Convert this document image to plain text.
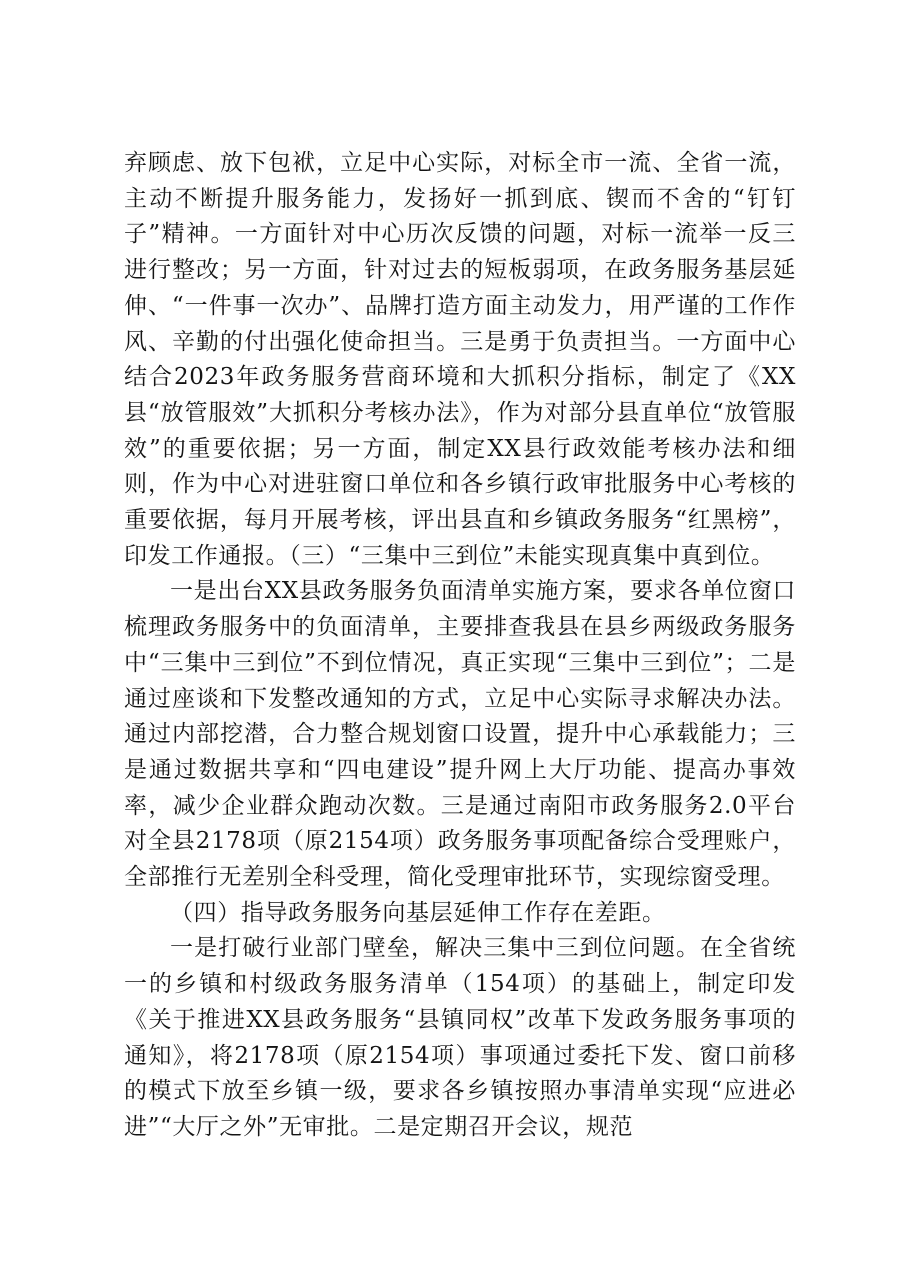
弃顾虑、放下包袱，立足中心实际，对标全市一流、全省一流，主动不断提升服务能力，发扬好一抓到底、锲而不舍的“钉钉子”精神。一方面针对中心历次反馈的问题，对标一流举一反三进行整改；另一方面，针对过去的短板弱项，在政务服务基层延伸、“一件事一次办”、品牌打造方面主动发力，用严谨的工作作风、辛勤的付出强化使命担当。三是勇于负责担当。一方面中心结合2023年政务服务营商环境和大抓积分指标，制定了《XX县“放管服效”大抓积分考核办法》，作为对部分县直单位“放管服效”的重要依据；另一方面，制定XX县行政效能考核办法和细则，作为中心对进驻窗口单位和各乡镇行政审批服务中心考核的重要依据，每月开展考核，评出县直和乡镇政务服务“红黑榜”，印发工作通报。（三）“三集中三到位”未能实现真集中真到位。

一是出台XX县政务服务负面清单实施方案，要求各单位窗口梳理政务服务中的负面清单，主要排查我县在县乡两级政务服务中“三集中三到位”不到位情况，真正实现“三集中三到位”；二是通过座谈和下发整改通知的方式，立足中心实际寻求解决办法。通过内部挖潜，合力整合规划窗口设置，提升中心承载能力；三是通过数据共享和“四电建设”提升网上大厅功能、提高办事效率，减少企业群众跑动次数。三是通过南阳市政务服务2.0平台对全县2178项（原2154项）政务服务事项配备综合受理账户，全部推行无差别全科受理，简化受理审批环节，实现综窗受理。

（四）指导政务服务向基层延伸工作存在差距。

一是打破行业部门壁垒，解决三集中三到位问题。在全省统一的乡镇和村级政务服务清单（154项）的基础上，制定印发《关于推进XX县政务服务“县镇同权”改革下发政务服务事项的通知》，将2178项（原2154项）事项通过委托下发、窗口前移的模式下放至乡镇一级，要求各乡镇按照办事清单实现“应进必进”“大厅之外”无审批。二是定期召开会议，规范
